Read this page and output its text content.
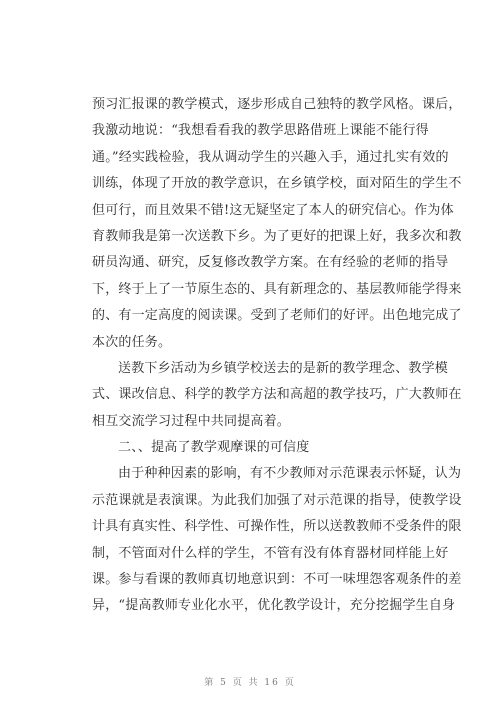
预习汇报课的教学模式，逐步形成自己独特的教学风格。课后，
我激动地说：“我想看看我的教学思路借班上课能不能行得
通。”经实践检验，我从调动学生的兴趣入手，通过扎实有效的
训练，体现了开放的教学意识，在乡镇学校，面对陌生的学生不
但可行，而且效果不错!这无疑坚定了本人的研究信心。作为体
育教师我是第一次送教下乡。为了更好的把课上好，我多次和教
研员沟通、研究，反复修改教学方案。在有经验的老师的指导
下，终于上了一节原生态的、具有新理念的、基层教师能学得来
的、有一定高度的阅读课。受到了老师们的好评。出色地完成了
本次的任务。
送教下乡活动为乡镇学校送去的是新的教学理念、教学模
式、课改信息、科学的教学方法和高超的教学技巧，广大教师在
相互交流学习过程中共同提高着。
二、、提高了教学观摩课的可信度
由于种种因素的影响，有不少教师对示范课表示怀疑，认为
示范课就是表演课。为此我们加强了对示范课的指导，使教学设
计具有真实性、科学性、可操作性，所以送教教师不受条件的限
制，不管面对什么样的学生，不管有没有体育器材同样能上好
课。参与看课的教师真切地意识到：不可一味埋怨客观条件的差
异，“提高教师专业化水平，优化教学设计，充分挖掘学生自身
第 5 页 共 16 页
